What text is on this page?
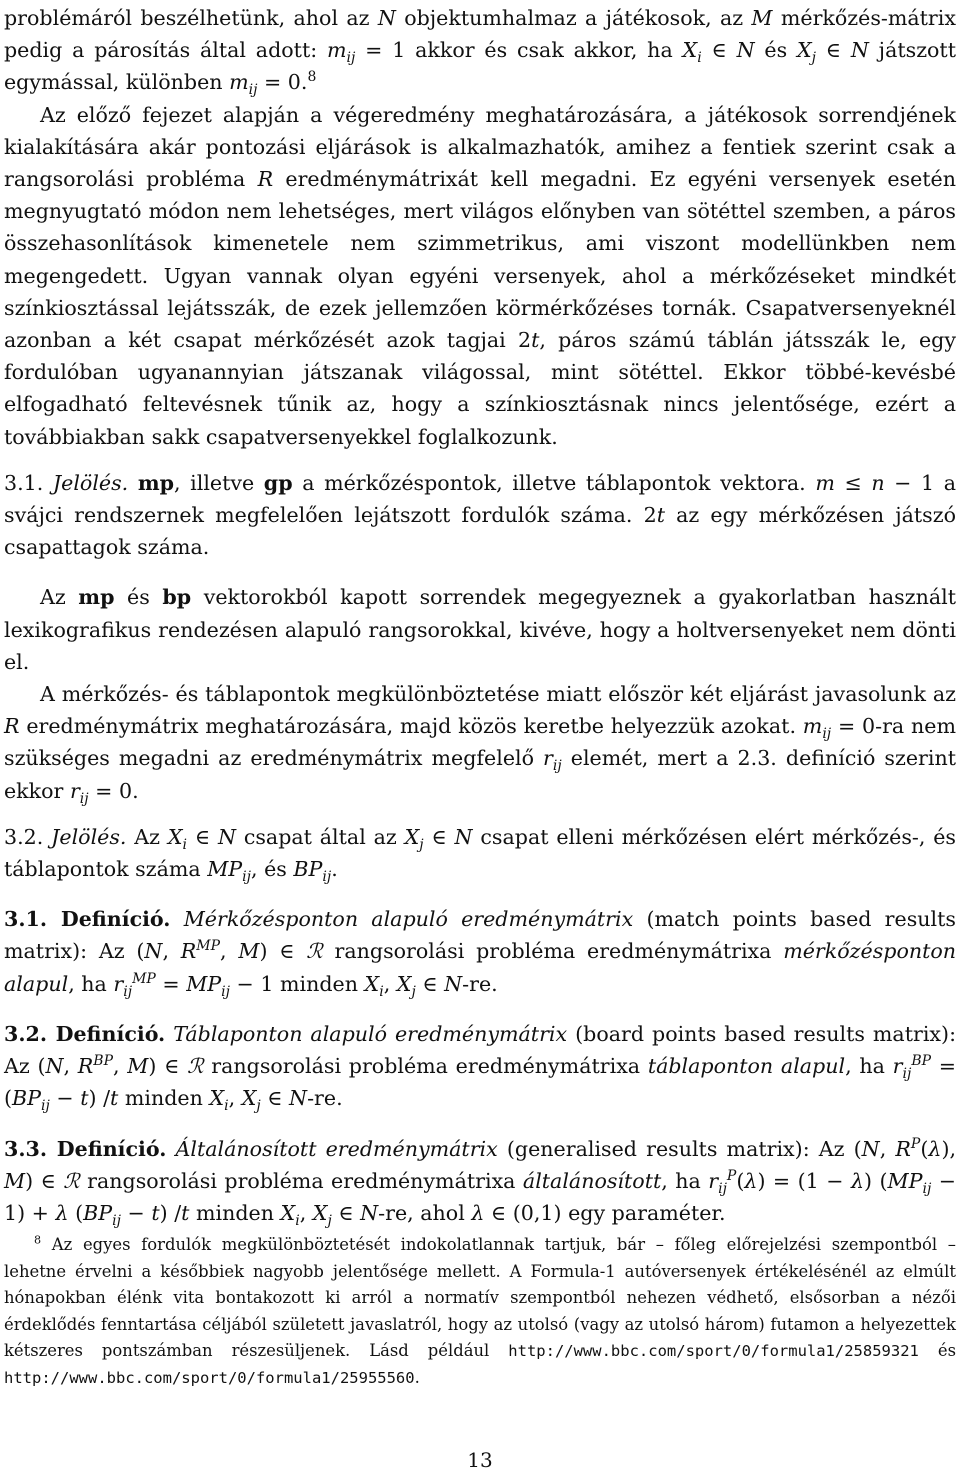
problémáról beszélhetünk, ahol az N objektumhalmaz a játékosok, az M mérkőzés-mátrix pedig a párosítás által adott: $m_{ij} = 1$ akkor és csak akkor, ha $X_i$ ∈ N és $X_j$ ∈ N játszott egymással, különben $m_{ij} = 0.^8$

Az előző fejezet alapján a végeredmény meghatározására, a játékosok sorrendjének kialakítására akár pontozási eljárások is alkalmazhatók, amihez a fentiek szerint csak a rangsorolási probléma R eredménymátrixát kell megadni. Ez egyéni versenyek esetén megnyugtató módon nem lehetséges, mert világos előnyben van sötéttel szemben, a páros összehasonlítások kimenetele nem szimmetrikus, ami viszont modellünkben nem megengedett. Ugyan vannak olyan egyéni versenyek, ahol a mérkőzéseket mindkét színkiosztással lejátsszák, de ezek jellemzően körmérkőzéses tornák. Csapatversenyeknél azonban a két csapat mérkőzését azok tagjai 2t, páros számú táblán játsszák le, egy fordulóban ugyanannyian játszanak világossal, mint sötéttel. Ekkor többé-kevésbé elfogadható feltevésnek tűnik az, hogy a színkiosztásnak nincs jelentősége, ezért a továbbiakban sakk csapatversenyekkel foglalkozunk.

3.1. Jelölés. mp, illetve gp a mérkőzéspontok, illetve táblapontok vektora. m ≤ n − 1 a svájci rendszernek megfelelően lejátszott fordulók száma. 2t az egy mérkőzésen játszó csapattagok száma.

Az mp és bp vektorokból kapott sorrendek megegyeznek a gyakorlatban használt lexikografikus rendezésen alapuló rangsorokkal, kivéve, hogy a holtversenyeket nem dönti el.

A mérkőzés- és táblapontok megkülönböztetése miatt először két eljárást javasolunk az R eredménymátrix meghatározására, majd közös keretbe helyezzük azokat. $m_{ij} = 0-ra$ nem szükséges megadni az eredménymátrix megfelelő $r_{ij}$ elemét, mert a 2.3. definíció szerint ekkor $r_{ij} = 0$.

3.2. Jelölés. Az $X_i$ ∈ N csapat által az $X_j$ ∈ N csapat elleni mérkőzésen elért mérkőzés-, és táblapontok száma $MP_{ij}$, és $BP_{ij}$.

3.1. Definíció. Mérkőzésponton alapuló eredménymátrix (match points based results matrix): Az (N, $R^{MP}$, M) ∈ ℛ rangsorolási probléma eredménymátrixa mérkőzésponton alapul, ha $r_{ij}^{MP} = MP_{ij} - 1$ minden $X_i$, $X_j$ ∈ N-re.

3.2. Definíció. Táblaponton alapuló eredménymátrix (board points based results matrix): Az (N, $R^{BP}$, M) ∈ ℛ rangsorolási probléma eredménymátrixa táblaponton alapul, ha $r_{ij}^{BP} = (BP_{ij} - t)$ /t minden $X_i$, $X_j$ ∈ N-re.

3.3. Definíció. Általánosított eredménymátrix (generalised results matrix): Az (N, $R^P(\lambda)$, M) ∈ ℛ rangsorolási probléma eredménymátrixa általánosított, ha $r_{ij}^P(\lambda) = (1 - \lambda) (MP_{ij} - 1) + \lambda$ $(BP_{ij} - t)$ /t minden $X_i$, $X_j$ ∈ N-re, ahol λ ∈ (0,1) egy paraméter.

$^8$ Az egyes fordulók megkülönböztetését indokolatlannak tartjuk, bár – főleg előrejelzési szempontból – lehetne érvelni a későbbiek nagyobb jelentősége mellett. A Formula-1 autóversenyek értékelésénél az elmúlt hónapokban élénk vita bontakozott ki arról a normatív szempontból nehezen védhető, elsősorban a nézői érdeklődés fenntartása céljából született javaslatról, hogy az utolsó (vagy az utolsó három) futamon a helyezettek kétszeres pontszámban részesüljenek. Lásd például http://www.bbc.com/sport/0/formula1/25859321 és http://www.bbc.com/sport/0/formula1/25955560.

13
